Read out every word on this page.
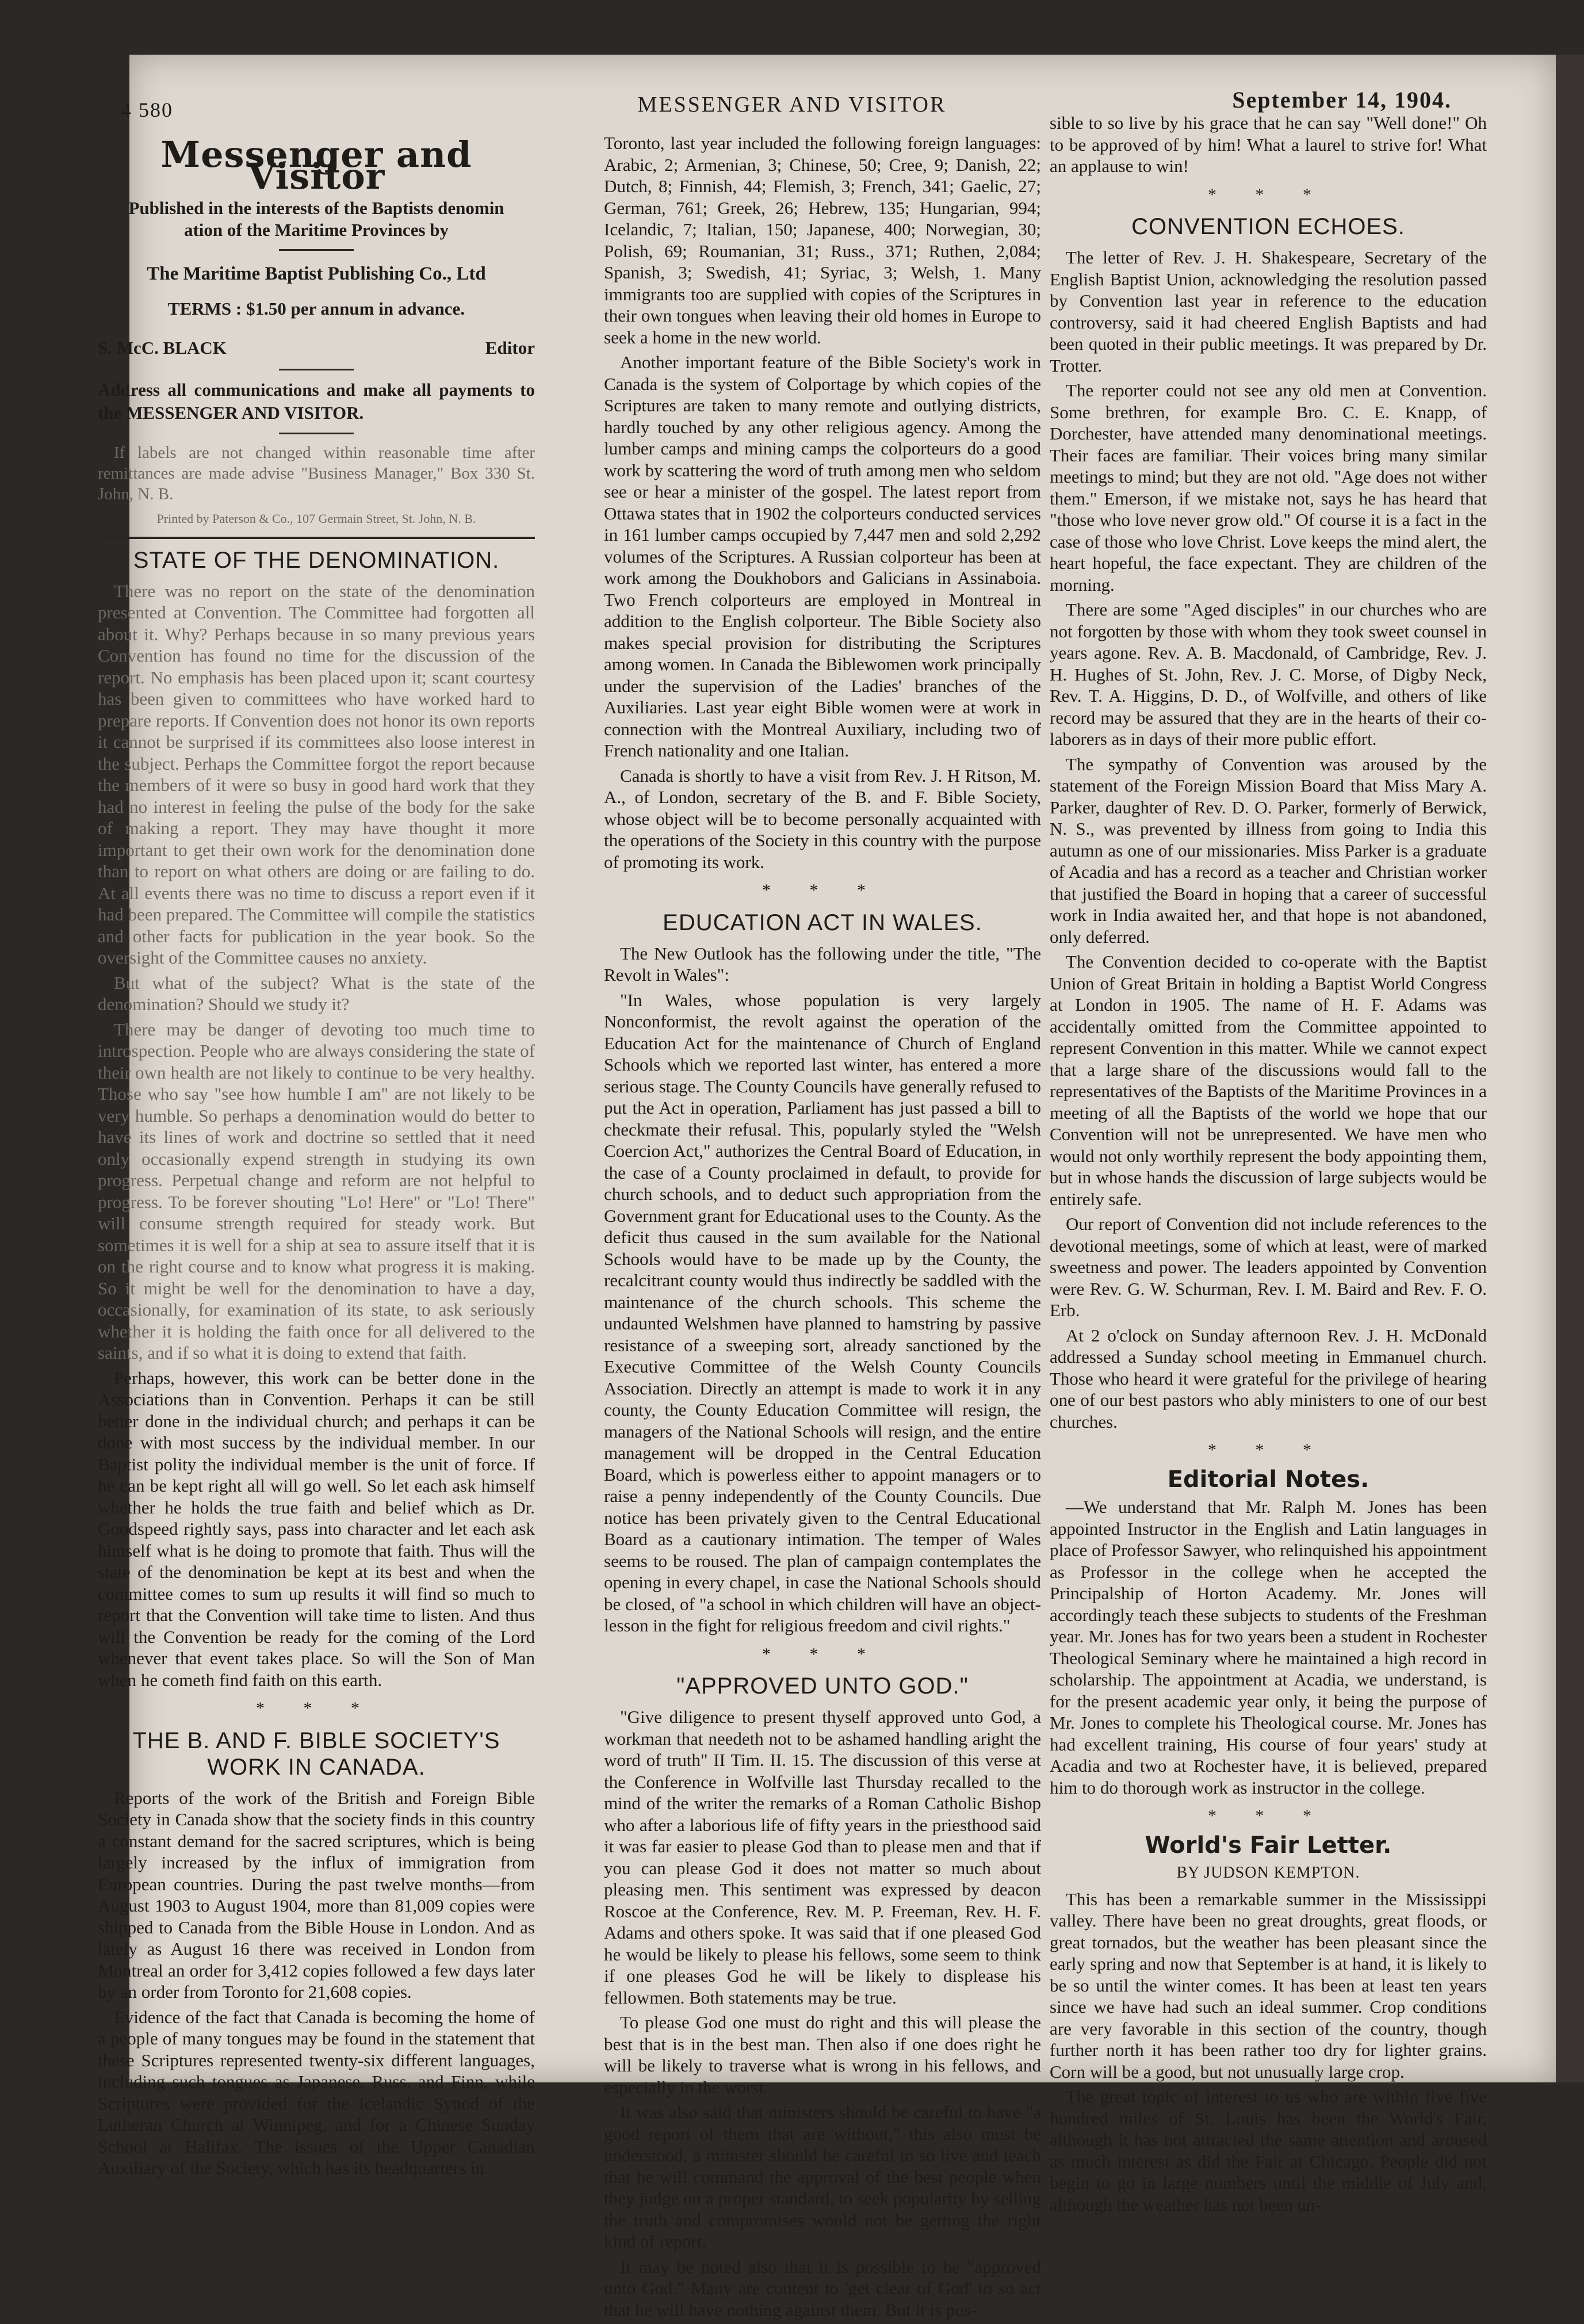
4 580	MESSENGER AND VISITOR	September 14, 1904.
Messenger and Visitor
Published in the interests of the Baptists denomin
ation of the Maritime Provinces by
The Maritime Baptist Publishing Co., Ltd
TERMS : $1.50 per annum in advance.
S. McC. BLACK	Editor

Address all communications and make all payments to the MESSENGER AND VISITOR.

If labels are not changed within reasonable time after remittances are made advise "Business Manager," Box 330 St. John, N. B.

Printed by Paterson & Co., 107 Germain Street, St. John, N. B.
STATE OF THE DENOMINATION.

There was no report on the state of the denomination presented at Convention. The Committee had forgotten all about it. Why? Perhaps because in so many previous years Convention has found no time for the discussion of the report. No emphasis has been placed upon it; scant courtesy has been given to committees who have worked hard to prepare reports. If Convention does not honor its own reports it cannot be surprised if its committees also loose interest in the subject. Perhaps the Committee forgot the report because the members of it were so busy in good hard work that they had no interest in feeling the pulse of the body for the sake of making a report. They may have thought it more important to get their own work for the denomination done than to report on what others are doing or are failing to do. At all events there was no time to discuss a report even if it had been prepared. The Committee will compile the statistics and other facts for publication in the year book. So the oversight of the Committee causes no anxiety.

But what of the subject? What is the state of the denomination? Should we study it?

There may be danger of devoting too much time to introspection. People who are always considering the state of their own health are not likely to continue to be very healthy. Those who say "see how humble I am" are not likely to be very humble. So perhaps a denomination would do better to have its lines of work and doctrine so settled that it need only occasionally expend strength in studying its own progress. Perpetual change and reform are not helpful to progress. To be forever shouting "Lo! Here" or "Lo! There" will consume strength required for steady work. But sometimes it is well for a ship at sea to assure itself that it is on the right course and to know what progress it is making. So it might be well for the denomination to have a day, occasionally, for examination of its state, to ask seriously whether it is holding the faith once for all delivered to the saints, and if so what it is doing to extend that faith.

Perhaps, however, this work can be better done in the Associations than in Convention. Perhaps it can be still better done in the individual church; and perhaps it can be done with most success by the individual member. In our Baptist polity the individual member is the unit of force. If he can be kept right all will go well. So let each ask himself whether he holds the true faith and belief which as Dr. Goodspeed rightly says, pass into character and let each ask himself what is he doing to promote that faith. Thus will the state of the denomination be kept at its best and when the committee comes to sum up results it will find so much to report that the Convention will take time to listen. And thus will the Convention be ready for the coming of the Lord whenever that event takes place. So will the Son of Man when he cometh find faith on this earth.

* * *
THE B. AND F. BIBLE SOCIETY'S WORK IN CANADA.

Reports of the work of the British and Foreign Bible Society in Canada show that the society finds in this country a constant demand for the sacred scriptures, which is being largely increased by the influx of immigration from European countries. During the past twelve months—from August 1903 to August 1904, more than 81,009 copies were shipped to Canada from the Bible House in London. And as lately as August 16 there was received in London from Montreal an order for 3,412 copies followed a few days later by an order from Toronto for 21,608 copies.

Evidence of the fact that Canada is becoming the home of a people of many tongues may be found in the statement that these Scriptures represented twenty-six different languages, including such tongues as Japanese, Russ. and Finn, while Scriptures were provided for the Icelandic Synod of the Lutheran Church at Winnipeg, and for a Chinese Sunday School at Halifax. The issues of the Upper Canadian Auxiliary of the Society, which has its headquarters in

Toronto, last year included the following foreign languages: Arabic, 2; Armenian, 3; Chinese, 50; Cree, 9; Danish, 22; Dutch, 8; Finnish, 44; Flemish, 3; French, 341; Gaelic, 27; German, 761; Greek, 26; Hebrew, 135; Hungarian, 994; Icelandic, 7; Italian, 150; Japanese, 400; Norwegian, 30; Polish, 69; Roumanian, 31; Russ., 371; Ruthen, 2,084; Spanish, 3; Swedish, 41; Syriac, 3; Welsh, 1. Many immigrants too are supplied with copies of the Scriptures in their own tongues when leaving their old homes in Europe to seek a home in the new world.

Another important feature of the Bible Society's work in Canada is the system of Colportage by which copies of the Scriptures are taken to many remote and outlying districts, hardly touched by any other religious agency. Among the lumber camps and mining camps the colporteurs do a good work by scattering the word of truth among men who seldom see or hear a minister of the gospel. The latest report from Ottawa states that in 1902 the colporteurs conducted services in 161 lumber camps occupied by 7,447 men and sold 2,292 volumes of the Scriptures. A Russian colporteur has been at work among the Doukhobors and Galicians in Assinaboia. Two French colporteurs are employed in Montreal in addition to the English colporteur. The Bible Society also makes special provision for distributing the Scriptures among women. In Canada the Biblewomen work principally under the supervision of the Ladies' branches of the Auxiliaries. Last year eight Bible women were at work in connection with the Montreal Auxiliary, including two of French nationality and one Italian.

Canada is shortly to have a visit from Rev. J. H Ritson, M. A., of London, secretary of the B. and F. Bible Society, whose object will be to become personally acquainted with the operations of the Society in this country with the purpose of promoting its work.

* * *
EDUCATION ACT IN WALES.

The New Outlook has the following under the title, "The Revolt in Wales":

"In Wales, whose population is very largely Nonconformist, the revolt against the operation of the Education Act for the maintenance of Church of England Schools which we reported last winter, has entered a more serious stage. The County Councils have generally refused to put the Act in operation, Parliament has just passed a bill to checkmate their refusal. This, popularly styled the "Welsh Coercion Act," authorizes the Central Board of Education, in the case of a County proclaimed in default, to provide for church schools, and to deduct such appropriation from the Government grant for Educational uses to the County. As the deficit thus caused in the sum available for the National Schools would have to be made up by the County, the recalcitrant county would thus indirectly be saddled with the maintenance of the church schools. This scheme the undaunted Welshmen have planned to hamstring by passive resistance of a sweeping sort, already sanctioned by the Executive Committee of the Welsh County Councils Association. Directly an attempt is made to work it in any county, the County Education Committee will resign, the managers of the National Schools will resign, and the entire management will be dropped in the Central Education Board, which is powerless either to appoint managers or to raise a penny independently of the County Councils. Due notice has been privately given to the Central Educational Board as a cautionary intimation. The temper of Wales seems to be roused. The plan of campaign contemplates the opening in every chapel, in case the National Schools should be closed, of "a school in which children will have an object-lesson in the fight for religious freedom and civil rights."

* * *
"APPROVED UNTO GOD."

"Give diligence to present thyself approved unto God, a workman that needeth not to be ashamed handling aright the word of truth" II Tim. II. 15. The discussion of this verse at the Conference in Wolfville last Thursday recalled to the mind of the writer the remarks of a Roman Catholic Bishop who after a laborious life of fifty years in the priesthood said it was far easier to please God than to please men and that if you can please God it does not matter so much about pleasing men. This sentiment was expressed by deacon Roscoe at the Conference, Rev. M. P. Freeman, Rev. H. F. Adams and others spoke. It was said that if one pleased God he would be likely to please his fellows, some seem to think if one pleases God he will be likely to displease his fellowmen. Both statements may be true.

To please God one must do right and this will please the best that is in the best man. Then also if one does right he will be likely to traverse what is wrong in his fellows, and especially in the worst.

It was also said that ministers should be careful to have "a good report of them that are without," this also must be understood, a minister should be careful to so live and teach that he will command the approval of the best people when they judge on a proper standard, to seek popularity by selling the truth and compromises would not be getting the right kind of report.

It may be noted also that it is possible to be "approved unto God." Many are content to 'get clear of God' to so act that he will have nothing against them. But it is pos-

sible to so live by his grace that he can say "Well done!" Oh to be approved of by him! What a laurel to strive for! What an applause to win!

* * *
CONVENTION ECHOES.

The letter of Rev. J. H. Shakespeare, Secretary of the English Baptist Union, acknowledging the resolution passed by Convention last year in reference to the education controversy, said it had cheered English Baptists and had been quoted in their public meetings. It was prepared by Dr. Trotter.

The reporter could not see any old men at Convention. Some brethren, for example Bro. C. E. Knapp, of Dorchester, have attended many denominational meetings. Their faces are familiar. Their voices bring many similar meetings to mind; but they are not old. "Age does not wither them." Emerson, if we mistake not, says he has heard that "those who love never grow old." Of course it is a fact in the case of those who love Christ. Love keeps the mind alert, the heart hopeful, the face expectant. They are children of the morning.

There are some "Aged disciples" in our churches who are not forgotten by those with whom they took sweet counsel in years agone. Rev. A. B. Macdonald, of Cambridge, Rev. J. H. Hughes of St. John, Rev. J. C. Morse, of Digby Neck, Rev. T. A. Higgins, D. D., of Wolfville, and others of like record may be assured that they are in the hearts of their co-laborers as in days of their more public effort.

The sympathy of Convention was aroused by the statement of the Foreign Mission Board that Miss Mary A. Parker, daughter of Rev. D. O. Parker, formerly of Berwick, N. S., was prevented by illness from going to India this autumn as one of our missionaries. Miss Parker is a graduate of Acadia and has a record as a teacher and Christian worker that justified the Board in hoping that a career of successful work in India awaited her, and that hope is not abandoned, only deferred.

The Convention decided to co-operate with the Baptist Union of Great Britain in holding a Baptist World Congress at London in 1905. The name of H. F. Adams was accidentally omitted from the Committee appointed to represent Convention in this matter. While we cannot expect that a large share of the discussions would fall to the representatives of the Baptists of the Maritime Provinces in a meeting of all the Baptists of the world we hope that our Convention will not be unrepresented. We have men who would not only worthily represent the body appointing them, but in whose hands the discussion of large subjects would be entirely safe.

Our report of Convention did not include references to the devotional meetings, some of which at least, were of marked sweetness and power. The leaders appointed by Convention were Rev. G. W. Schurman, Rev. I. M. Baird and Rev. F. O. Erb.

At 2 o'clock on Sunday afternoon Rev. J. H. McDonald addressed a Sunday school meeting in Emmanuel church. Those who heard it were grateful for the privilege of hearing one of our best pastors who ably ministers to one of our best churches.

* * *
Editorial Notes.

—We understand that Mr. Ralph M. Jones has been appointed Instructor in the English and Latin languages in place of Professor Sawyer, who relinquished his appointment as Professor in the college when he accepted the Principalship of Horton Academy. Mr. Jones will accordingly teach these subjects to students of the Freshman year. Mr. Jones has for two years been a student in Rochester Theological Seminary where he maintained a high record in scholarship. The appointment at Acadia, we understand, is for the present academic year only, it being the purpose of Mr. Jones to complete his Theological course. Mr. Jones has had excellent training, His course of four years' study at Acadia and two at Rochester have, it is believed, prepared him to do thorough work as instructor in the college.

* * *
World's Fair Letter.
BY JUDSON KEMPTON.

This has been a remarkable summer in the Mississippi valley. There have been no great droughts, great floods, or great tornados, but the weather has been pleasant since the early spring and now that September is at hand, it is likely to be so until the winter comes. It has been at least ten years since we have had such an ideal summer. Crop conditions are very favorable in this section of the country, though further north it has been rather too dry for lighter grains. Corn will be a good, but not unusually large crop.

The great topic of interest to us who are within five five hundred miles of St. Louis has been the World's Fair, although it has not attracted the same attention and aroused as much interest as did the Fair at Chicago. People did not begin to go in large numbers until the middle of July and, although the weather has not been un-
